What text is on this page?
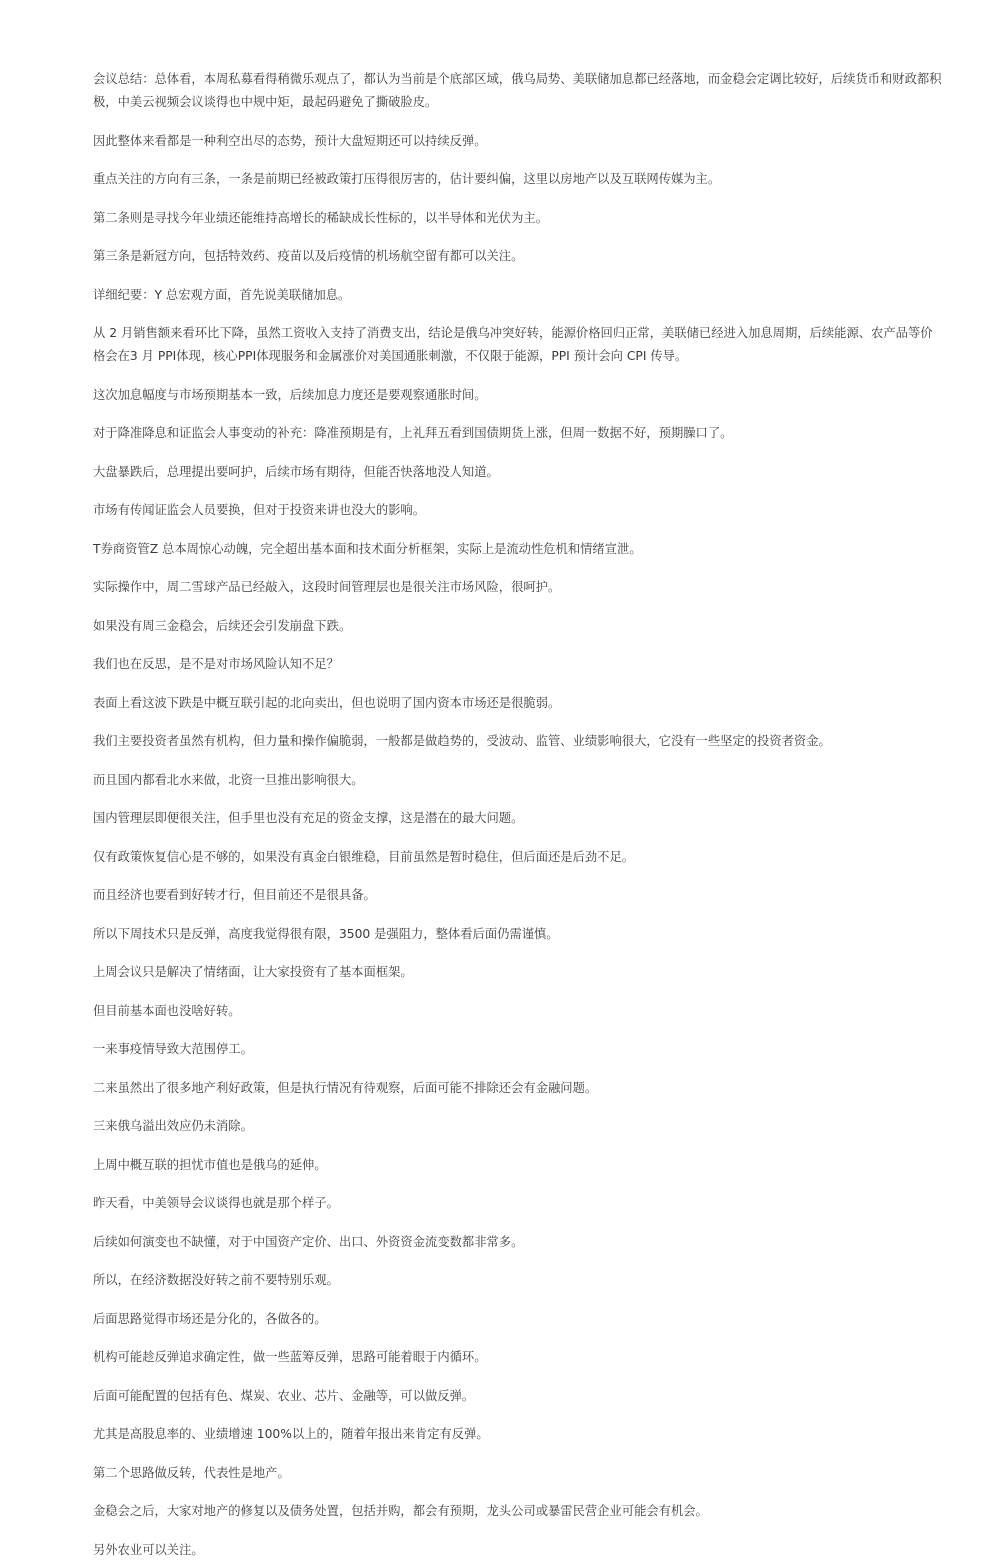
会议总结：总体看，本周私募看得稍微乐观点了，都认为当前是个底部区域，俄乌局势、美联储加息都已经落地，而金稳会定调比较好，后续货币和财政都积极，中美云视频会议谈得也中规中矩，最起码避免了撕破脸皮。

因此整体来看都是一种利空出尽的态势，预计大盘短期还可以持续反弹。

重点关注的方向有三条，一条是前期已经被政策打压得很厉害的，估计要纠偏，这里以房地产以及互联网传媒为主。

第二条则是寻找今年业绩还能维持高增长的稀缺成长性标的，以半导体和光伏为主。

第三条是新冠方向，包括特效药、疫苗以及后疫情的机场航空留有都可以关注。

详细纪要：Y 总宏观方面，首先说美联储加息。

从 2 月销售额来看环比下降，虽然工资收入支持了消费支出，结论是俄乌冲突好转，能源价格回归正常，美联储已经进入加息周期，后续能源、农产品等价格会在3 月 PPI体现，核心PPI体现服务和金属涨价对美国通胀刺激，不仅限于能源，PPI 预计会向 CPI 传导。

这次加息幅度与市场预期基本一致，后续加息力度还是要观察通胀时间。

对于降准降息和证监会人事变动的补充：降准预期是有，上礼拜五看到国债期货上涨，但周一数据不好，预期臊口了。

大盘暴跌后，总理提出要呵护，后续市场有期待，但能否快落地没人知道。

市场有传闻证监会人员要换，但对于投资来讲也没大的影响。

T券商资管Z 总本周惊心动魄，完全超出基本面和技术面分析框架，实际上是流动性危机和情绪宣泄。

实际操作中，周二雪球产品已经敲入，这段时间管理层也是很关注市场风险，很呵护。

如果没有周三金稳会，后续还会引发崩盘下跌。

我们也在反思，是不是对市场风险认知不足？

表面上看这波下跌是中概互联引起的北向卖出，但也说明了国内资本市场还是很脆弱。

我们主要投资者虽然有机构，但力量和操作偏脆弱，一般都是做趋势的，受波动、监管、业绩影响很大，它没有一些坚定的投资者资金。

而且国内都看北水来做，北资一旦推出影响很大。

国内管理层即便很关注，但手里也没有充足的资金支撑，这是潜在的最大问题。

仅有政策恢复信心是不够的，如果没有真金白银维稳，目前虽然是暂时稳住，但后面还是后劲不足。

而且经济也要看到好转才行，但目前还不是很具备。

所以下周技术只是反弹，高度我觉得很有限，3500 是强阻力，整体看后面仍需谨慎。

上周会议只是解决了情绪面，让大家投资有了基本面框架。

但目前基本面也没啥好转。

一来事疫情导致大范围停工。

二来虽然出了很多地产利好政策，但是执行情况有待观察，后面可能不排除还会有金融问题。

三来俄乌溢出效应仍未消除。

上周中概互联的担忧市值也是俄乌的延伸。

昨天看，中美领导会议谈得也就是那个样子。

后续如何演变也不缺懂，对于中国资产定价、出口、外资资金流变数都非常多。

所以，在经济数据没好转之前不要特别乐观。

后面思路觉得市场还是分化的，各做各的。

机构可能趁反弹追求确定性，做一些蓝筹反弹，思路可能着眼于内循环。

后面可能配置的包括有色、煤炭、农业、芯片、金融等，可以做反弹。

尤其是高股息率的、业绩增速 100%以上的，随着年报出来肯定有反弹。

第二个思路做反转，代表性是地产。

金稳会之后，大家对地产的修复以及债务处置，包括并购，都会有预期，龙头公司或暴雷民营企业可能会有机会。

另外农业可以关注。
